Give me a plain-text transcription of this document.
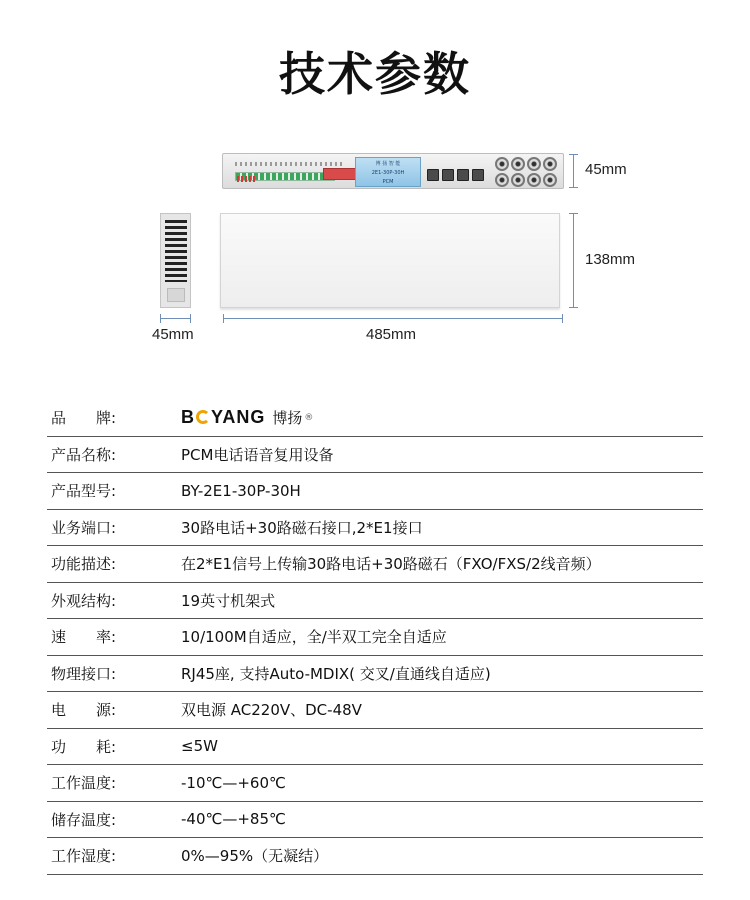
技术参数
博 扬 智 能
2E1-30P-30H
PCM
45mm
138mm
45mm	485mm
品　　牌:	B YANG 博扬 ®
产品名称:	PCM电话语音复用设备
产品型号:	BY-2E1-30P-30H
业务端口:	30路电话+30路磁石接口,2*E1接口
功能描述:	在2*E1信号上传输30路电话+30路磁石（FXO/FXS/2线音频）
外观结构:	19英寸机架式
速　　率:	10/100M自适应，全/半双工完全自适应
物理接口:	RJ45座, 支持Auto-MDIX( 交叉/直通线自适应)
电　　源:	双电源 AC220V、DC-48V
功　　耗:	≤5W
工作温度:	-10℃—+60℃
储存温度:	-40℃—+85℃
工作湿度:	0%—95%（无凝结）
